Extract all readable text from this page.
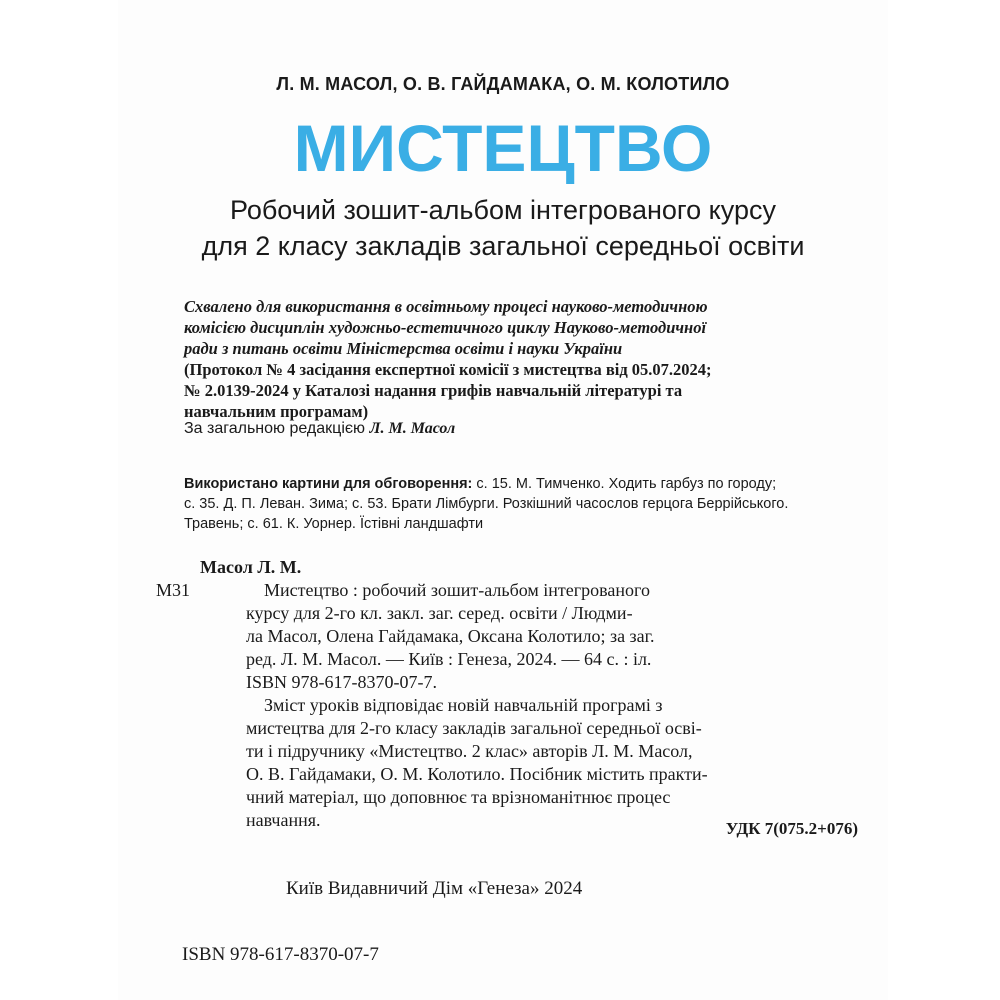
Л. М. МАСОЛ, О. В. ГАЙДАМАКА, О. М. КОЛОТИЛО
МИСТЕЦТВО
Робочий зошит-альбом інтегрованого курсу
для 2 класу закладів загальної середньої освіти
Схвалено для використання в освітньому процесі науково-методичною
комісією дисциплін художньо-естетичного циклу Науково-методичної
ради з питань освіти Міністерства освіти і науки України
(Протокол № 4 засідання експертної комісії з мистецтва від 05.07.2024;
№ 2.0139-2024 у Каталозі надання грифів навчальній літературі та
навчальним програмам)
За загальною редакцією Л. М. Масол
Використано картини для обговорення: с. 15. М. Тимченко. Ходить гарбуз по городу;
с. 35. Д. П. Леван. Зима; с. 53. Брати Лімбурги. Розкішний часослов герцога Беррійського.
Травень; с. 61. К. Уорнер. Їстівні ландшафти
Масол Л. М.
М31	Мистецтво : робочий зошит-альбом інтегрованого
курсу для 2-го кл. закл. заг. серед. освіти / Людми-
ла Масол, Олена Гайдамака, Оксана Колотило; за заг.
ред. Л. М. Масол. — Київ : Генеза, 2024. — 64 с. : іл.
ISBN 978-617-8370-07-7.
Зміст уроків відповідає новій навчальній програмі з
мистецтва для 2-го класу закладів загальної середньої осві-
ти і підручнику «Мистецтво. 2 клас» авторів Л. М. Масол,
О. В. Гайдамаки, О. М. Колотило. Посібник містить практи-
чний матеріал, що доповнює та врізноманітнює процес
навчання.	УДК 7(075.2+076)
Київ Видавничий Дім «Генеза» 2024
ISBN 978-617-8370-07-7
